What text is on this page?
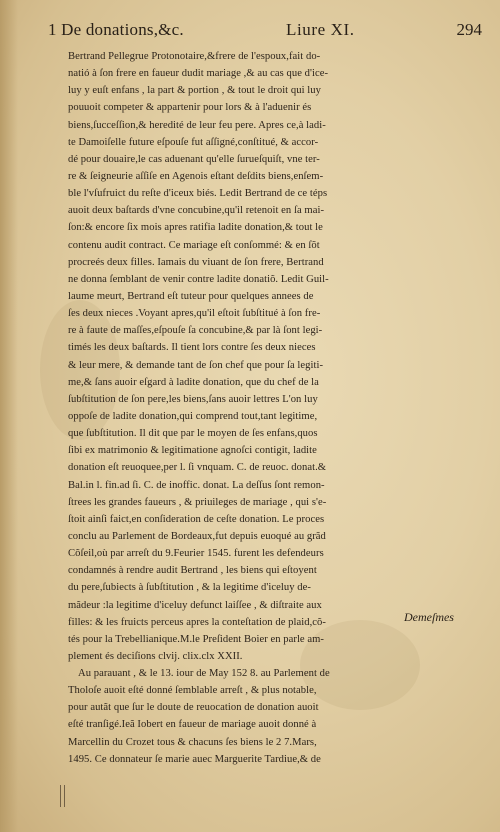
1 De donations,&c.	Liure XI.	294
Bertrand Pellegrue Protonotaire,&frere de l'espoux,fait do-
natió à ſon frere en faueur dudit mariage ,& au cas que d'ice-
luy y euſt enfans , la part & portion , & tout le droit qui luy
pouuoit competer & appartenir pour lors & à l'aduenir és
biens,ſucceſſion,& heredité de leur feu pere. Apres ce,à ladi-
te Damoiſelle future eſpouſe fut aſſigné,conſtitué, & accor-
dé pour douaire,le cas aduenant qu'elle ſurueſquiſt, vne ter-
re & ſeigneurie aſſiſe en Agenois eſtant deſdits biens,enſem-
ble l'vſufruict du reſte d'iceux biés. Ledit Bertrand de ce téps
auoit deux baſtards d'vne concubine,qu'il retenoit en ſa mai-
ſon:& encore ſix mois apres ratifia ladite donation,& tout le
contenu audit contract. Ce mariage eſt conſommé: & en ſõt
procreés deux filles. Iamais du viuant de ſon frere, Bertrand
ne donna ſemblant de venir contre ladite donatiõ. Ledit Guil-
laume meurt, Bertrand eſt tuteur pour quelques annees de
ſes deux nieces .Voyant apres,qu'il eſtoit ſubſtitué à ſon fre-
re à faute de maſſes,eſpouſe ſa concubine,& par là ſont legi-
timés les deux baſtards. Il tient lors contre ſes deux nieces
& leur mere, & demande tant de ſon chef que pour ſa legiti-
me,& ſans auoir eſgard à ladite donation, que du chef de la
ſubſtitution de ſon pere,les biens,ſans auoir lettres L'on luy
oppoſe de ladite donation,qui comprend tout,tant legitime,
que ſubſtitution. Il dit que par le moyen de ſes enfans,quos
ſibi ex matrimonio & legitimatione agnoſci contigit, ladite
donation eſt reuoquee,per l. ſi vnquam. C. de reuoc. donat.&
Bal.in l. fin.ad ſi. C. de inoffic. donat. La deſſus ſont remon-
ſtrees les grandes faueurs , & priuileges de mariage , qui s'e-
ſtoit ainſi faict,en conſideration de ceſte donation. Le proces
conclu au Parlement de Bordeaux,fut depuis euoqué au grãd
Cõſeil,où par arreſt du 9.Feurier 1545. furent les defendeurs
condamnés à rendre audit Bertrand , les biens qui eſtoyent
du pere,ſubiects à ſubſtitution , & la legitime d'iceluy de-
mãdeur :la legitime d'iceluy defunct laiſſee , & diſtraite aux
filles: & les fruicts perceus apres la conteſtation de plaid,cõ-
tés pour la Trebellianique.M.le Preſident Boier en parle am-
plement és deciſions clvij. clix.clx XXII.
Au parauant , & le 13. iour de May 152 8. au Parlement de
Tholoſe auoit eſté donné ſemblable arreſt , & plus notable,
pour autãt que ſur le doute de reuocation de donation auoit
eſté tranſigé.Ieã Iobert en faueur de mariage auoit donné à
Marcellin du Crozet tous & chacuns ſes biens le 2 7.Mars,
1495. Ce donnateur ſe marie auec Marguerite Tardiue,& de
Demeſmes
